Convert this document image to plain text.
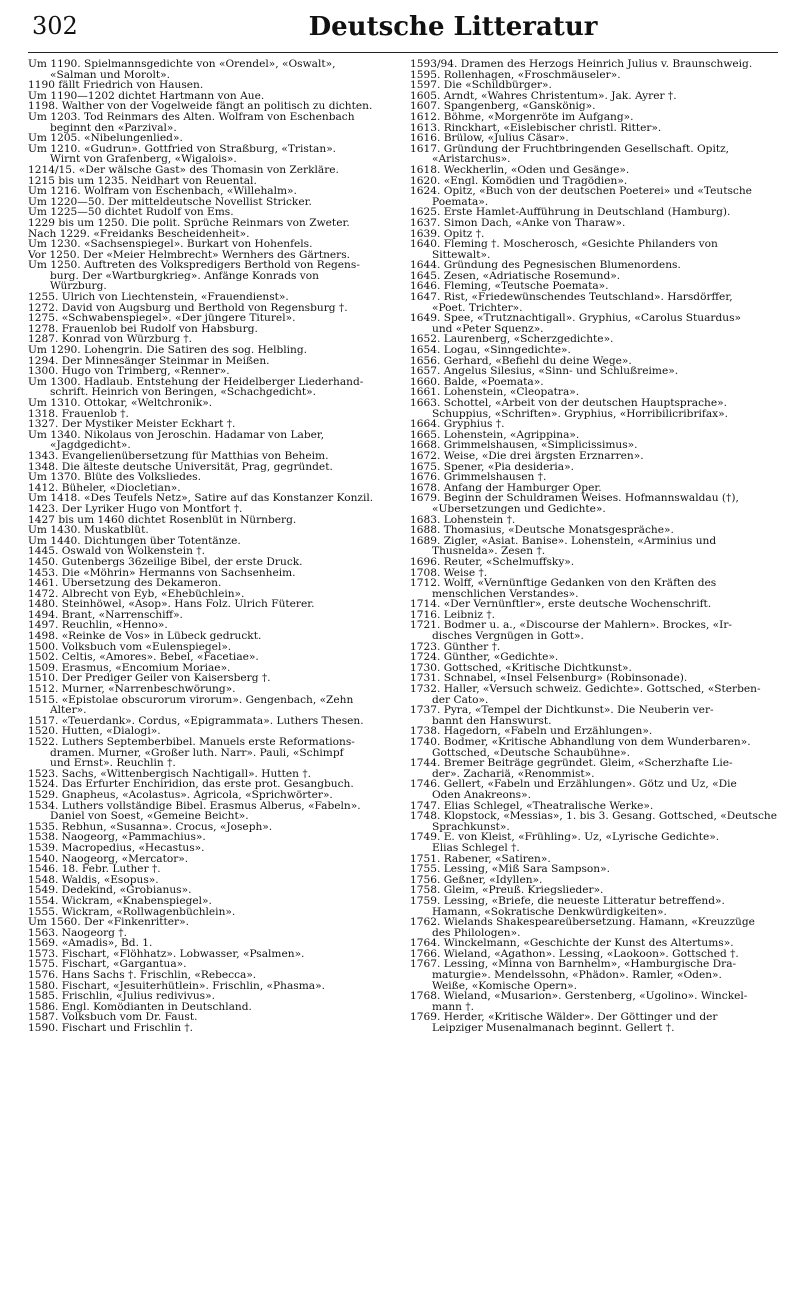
302	Deutsche Litteratur
Um 1190. Spielmannsgedichte von «Orendel», «Oswalt»,
«Salman und Morolt».
1190 fällt Friedrich von Hausen.
Um 1190—1202 dichtet Hartmann von Aue.
1198. Walther von der Vogelweide fängt an politisch zu dichten.
Um 1203. Tod Reinmars des Alten. Wolfram von Eschenbach
beginnt den «Parzival».
Um 1205. «Nibelungenlied».
Um 1210. «Gudrun». Gottfried von Straßburg, «Tristan».
Wirnt von Grafenberg, «Wigalois».
1214/15. «Der wälsche Gast» des Thomasin von Zerkläre.
1215 bis um 1235. Neidhart von Reuental.
Um 1216. Wolfram von Eschenbach, «Willehalm».
Um 1220—50. Der mitteldeutsche Novellist Stricker.
Um 1225—50 dichtet Rudolf von Ems.
1229 bis um 1250. Die polit. Sprüche Reinmars von Zweter.
Nach 1229. «Freidanks Bescheidenheit».
Um 1230. «Sachsenspiegel». Burkart von Hohenfels.
Vor 1250. Der «Meier Helmbrecht» Wernhers des Gärtners.
Um 1250. Auftreten des Volkspredigers Berthold von Regens-
burg. Der «Wartburgkrieg». Anfänge Konrads von
Würzburg.
1255. Ulrich von Liechtenstein, «Frauendienst».
1272. David von Augsburg und Berthold von Regensburg †.
1275. «Schwabenspiegel». «Der jüngere Titurel».
1278. Frauenlob bei Rudolf von Habsburg.
1287. Konrad von Würzburg †.
Um 1290. Lohengrin. Die Satiren des sog. Helbling.
1294. Der Minnesänger Steinmar in Meißen.
1300. Hugo von Trimberg, «Renner».
Um 1300. Hadlaub. Entstehung der Heidelberger Liederhand-
schrift. Heinrich von Beringen, «Schachgedicht».
Um 1310. Ottokar, «Weltchronik».
1318. Frauenlob †.
1327. Der Mystiker Meister Eckhart †.
Um 1340. Nikolaus von Jeroschin. Hadamar von Laber,
«Jagdgedicht».
1343. Evangelienübersetzung für Matthias von Beheim.
1348. Die älteste deutsche Universität, Prag, gegründet.
Um 1370. Blüte des Volksliedes.
1412. Büheler, «Diocletian».
Um 1418. «Des Teufels Netz», Satire auf das Konstanzer Konzil.
1423. Der Lyriker Hugo von Montfort †.
1427 bis um 1460 dichtet Rosenblüt in Nürnberg.
Um 1430. Muskatblüt.
Um 1440. Dichtungen über Totentänze.
1445. Oswald von Wolkenstein †.
1450. Gutenbergs 36zeilige Bibel, der erste Druck.
1453. Die «Möhrin» Hermanns von Sachsenheim.
1461. Übersetzung des Dekameron.
1472. Albrecht von Eyb, «Ehebüchlein».
1480. Steinhöwel, «Äsop». Hans Folz. Ulrich Füterer.
1494. Brant, «Narrenschiff».
1497. Reuchlin, «Henno».
1498. «Reinke de Vos» in Lübeck gedruckt.
1500. Volksbuch vom «Eulenspiegel».
1502. Celtis, «Amores». Bebel, «Facetiae».
1509. Erasmus, «Encomium Moriae».
1510. Der Prediger Geiler von Kaisersberg †.
1512. Murner, «Narrenbeschwörung».
1515. «Epistolae obscurorum virorum». Gengenbach, «Zehn
Alter».
1517. «Teuerdank». Cordus, «Epigrammata». Luthers Thesen.
1520. Hutten, «Dialogi».
1522. Luthers Septemberbibel. Manuels erste Reformations-
dramen. Murner, «Großer luth. Narr». Pauli, «Schimpf
und Ernst». Reuchlin †.
1523. Sachs, «Wittenbergisch Nachtigall». Hutten †.
1524. Das Erfurter Enchiridion, das erste prot. Gesangbuch.
1529. Gnapheus, «Acolastus». Agricola, «Sprichwörter».
1534. Luthers vollständige Bibel. Erasmus Alberus, «Fabeln».
Daniel von Soest, «Gemeine Beicht».
1535. Rebhun, «Susanna». Crocus, «Joseph».
1538. Naogeorg, «Pammachius».
1539. Macropedius, «Hecastus».
1540. Naogeorg, «Mercator».
1546. 18. Febr. Luther †.
1548. Waldis, «Esopus».
1549. Dedekind, «Grobianus».
1554. Wickram, «Knabenspiegel».
1555. Wickram, «Rollwagenbüchlein».
Um 1560. Der «Finkenritter».
1563. Naogeorg †.
1569. «Amadis», Bd. 1.
1573. Fischart, «Flöhhatz». Lobwasser, «Psalmen».
1575. Fischart, «Gargantua».
1576. Hans Sachs †. Frischlin, «Rebecca».
1580. Fischart, «Jesuiterhütlein». Frischlin, «Phasma».
1585. Frischlin, «Julius redivivus».
1586. Engl. Komödianten in Deutschland.
1587. Volksbuch vom Dr. Faust.
1590. Fischart und Frischlin †.
1593/94. Dramen des Herzogs Heinrich Julius v. Braunschweig.
1595. Rollenhagen, «Froschmäuseler».
1597. Die «Schildbürger».
1605. Arndt, «Wahres Christentum». Jak. Ayrer †.
1607. Spangenberg, «Ganskönig».
1612. Böhme, «Morgenröte im Aufgang».
1613. Rinckhart, «Eislebischer christl. Ritter».
1616. Brülow, «Julius Cäsar».
1617. Gründung der Fruchtbringenden Gesellschaft. Opitz,
«Aristarchus».
1618. Weckherlin, «Oden und Gesänge».
1620. «Engl. Komödien und Tragödien».
1624. Opitz, «Buch von der deutschen Poeterei» und «Teutsche
Poemata».
1625. Erste Hamlet-Aufführung in Deutschland (Hamburg).
1637. Simon Dach, «Anke von Tharaw».
1639. Opitz †.
1640. Fleming †. Moscherosch, «Gesichte Philanders von
Sittewalt».
1644. Gründung des Pegnesischen Blumenordens.
1645. Zesen, «Adriatische Rosemund».
1646. Fleming, «Teutsche Poemata».
1647. Rist, «Friedewünschendes Teutschland». Harsdörffer,
«Poet. Trichter».
1649. Spee, «Trutznachtigall». Gryphius, «Carolus Stuardus»
und «Peter Squenz».
1652. Laurenberg, «Scherzgedichte».
1654. Logau, «Sinngedichte».
1656. Gerhard, «Befiehl du deine Wege».
1657. Angelus Silesius, «Sinn- und Schlußreime».
1660. Balde, «Poemata».
1661. Lohenstein, «Cleopatra».
1663. Schottel, «Arbeit von der deutschen Hauptsprache».
Schuppius, «Schriften». Gryphius, «Horribilicribrifax».
1664. Gryphius †.
1665. Lohenstein, «Agrippina».
1668. Grimmelshausen, «Simplicissimus».
1672. Weise, «Die drei ärgsten Erznarren».
1675. Spener, «Pia desideria».
1676. Grimmelshausen †.
1678. Anfang der Hamburger Oper.
1679. Beginn der Schuldramen Weises. Hofmannswaldau (†),
«Übersetzungen und Gedichte».
1683. Lohenstein †.
1688. Thomasius, «Deutsche Monatsgespräche».
1689. Zigler, «Asiat. Banise». Lohenstein, «Arminius und
Thusnelda». Zesen †.
1696. Reuter, «Schelmuffsky».
1708. Weise †.
1712. Wolff, «Vernünftige Gedanken von den Kräften des
menschlichen Verstandes».
1714. «Der Vernünftler», erste deutsche Wochenschrift.
1716. Leibniz †.
1721. Bodmer u. a., «Discourse der Mahlern». Brockes, «Ir-
disches Vergnügen in Gott».
1723. Günther †.
1724. Günther, «Gedichte».
1730. Gottsched, «Kritische Dichtkunst».
1731. Schnabel, «Insel Felsenburg» (Robinsonade).
1732. Haller, «Versuch schweiz. Gedichte». Gottsched, «Sterben-
der Cato».
1737. Pyra, «Tempel der Dichtkunst». Die Neuberin ver-
bannt den Hanswurst.
1738. Hagedorn, «Fabeln und Erzählungen».
1740. Bodmer, «Kritische Abhandlung von dem Wunderbaren».
Gottsched, «Deutsche Schaubühne».
1744. Bremer Beiträge gegründet. Gleim, «Scherzhafte Lie-
der». Zachariä, «Renommist».
1746. Gellert, «Fabeln und Erzählungen». Götz und Uz, «Die
Oden Anakreons».
1747. Elias Schlegel, «Theatralische Werke».
1748. Klopstock, «Messias», 1. bis 3. Gesang. Gottsched, «Deutsche
Sprachkunst».
1749. E. von Kleist, «Frühling». Uz, «Lyrische Gedichte».
Elias Schlegel †.
1751. Rabener, «Satiren».
1755. Lessing, «Miß Sara Sampson».
1756. Geßner, «Idyllen».
1758. Gleim, «Preuß. Kriegslieder».
1759. Lessing, «Briefe, die neueste Litteratur betreffend».
Hamann, «Sokratische Denkwürdigkeiten».
1762. Wielands Shakespeareübersetzung. Hamann, «Kreuzzüge
des Philologen».
1764. Winckelmann, «Geschichte der Kunst des Altertums».
1766. Wieland, «Agathon». Lessing, «Laokoon». Gottsched †.
1767. Lessing, «Minna von Barnhelm», «Hamburgische Dra-
maturgie». Mendelssohn, «Phädon». Ramler, «Oden».
Weiße, «Komische Opern».
1768. Wieland, «Musarion». Gerstenberg, «Ugolino». Winckel-
mann †.
1769. Herder, «Kritische Wälder». Der Göttinger und der
Leipziger Musenalmanach beginnt. Gellert †.
